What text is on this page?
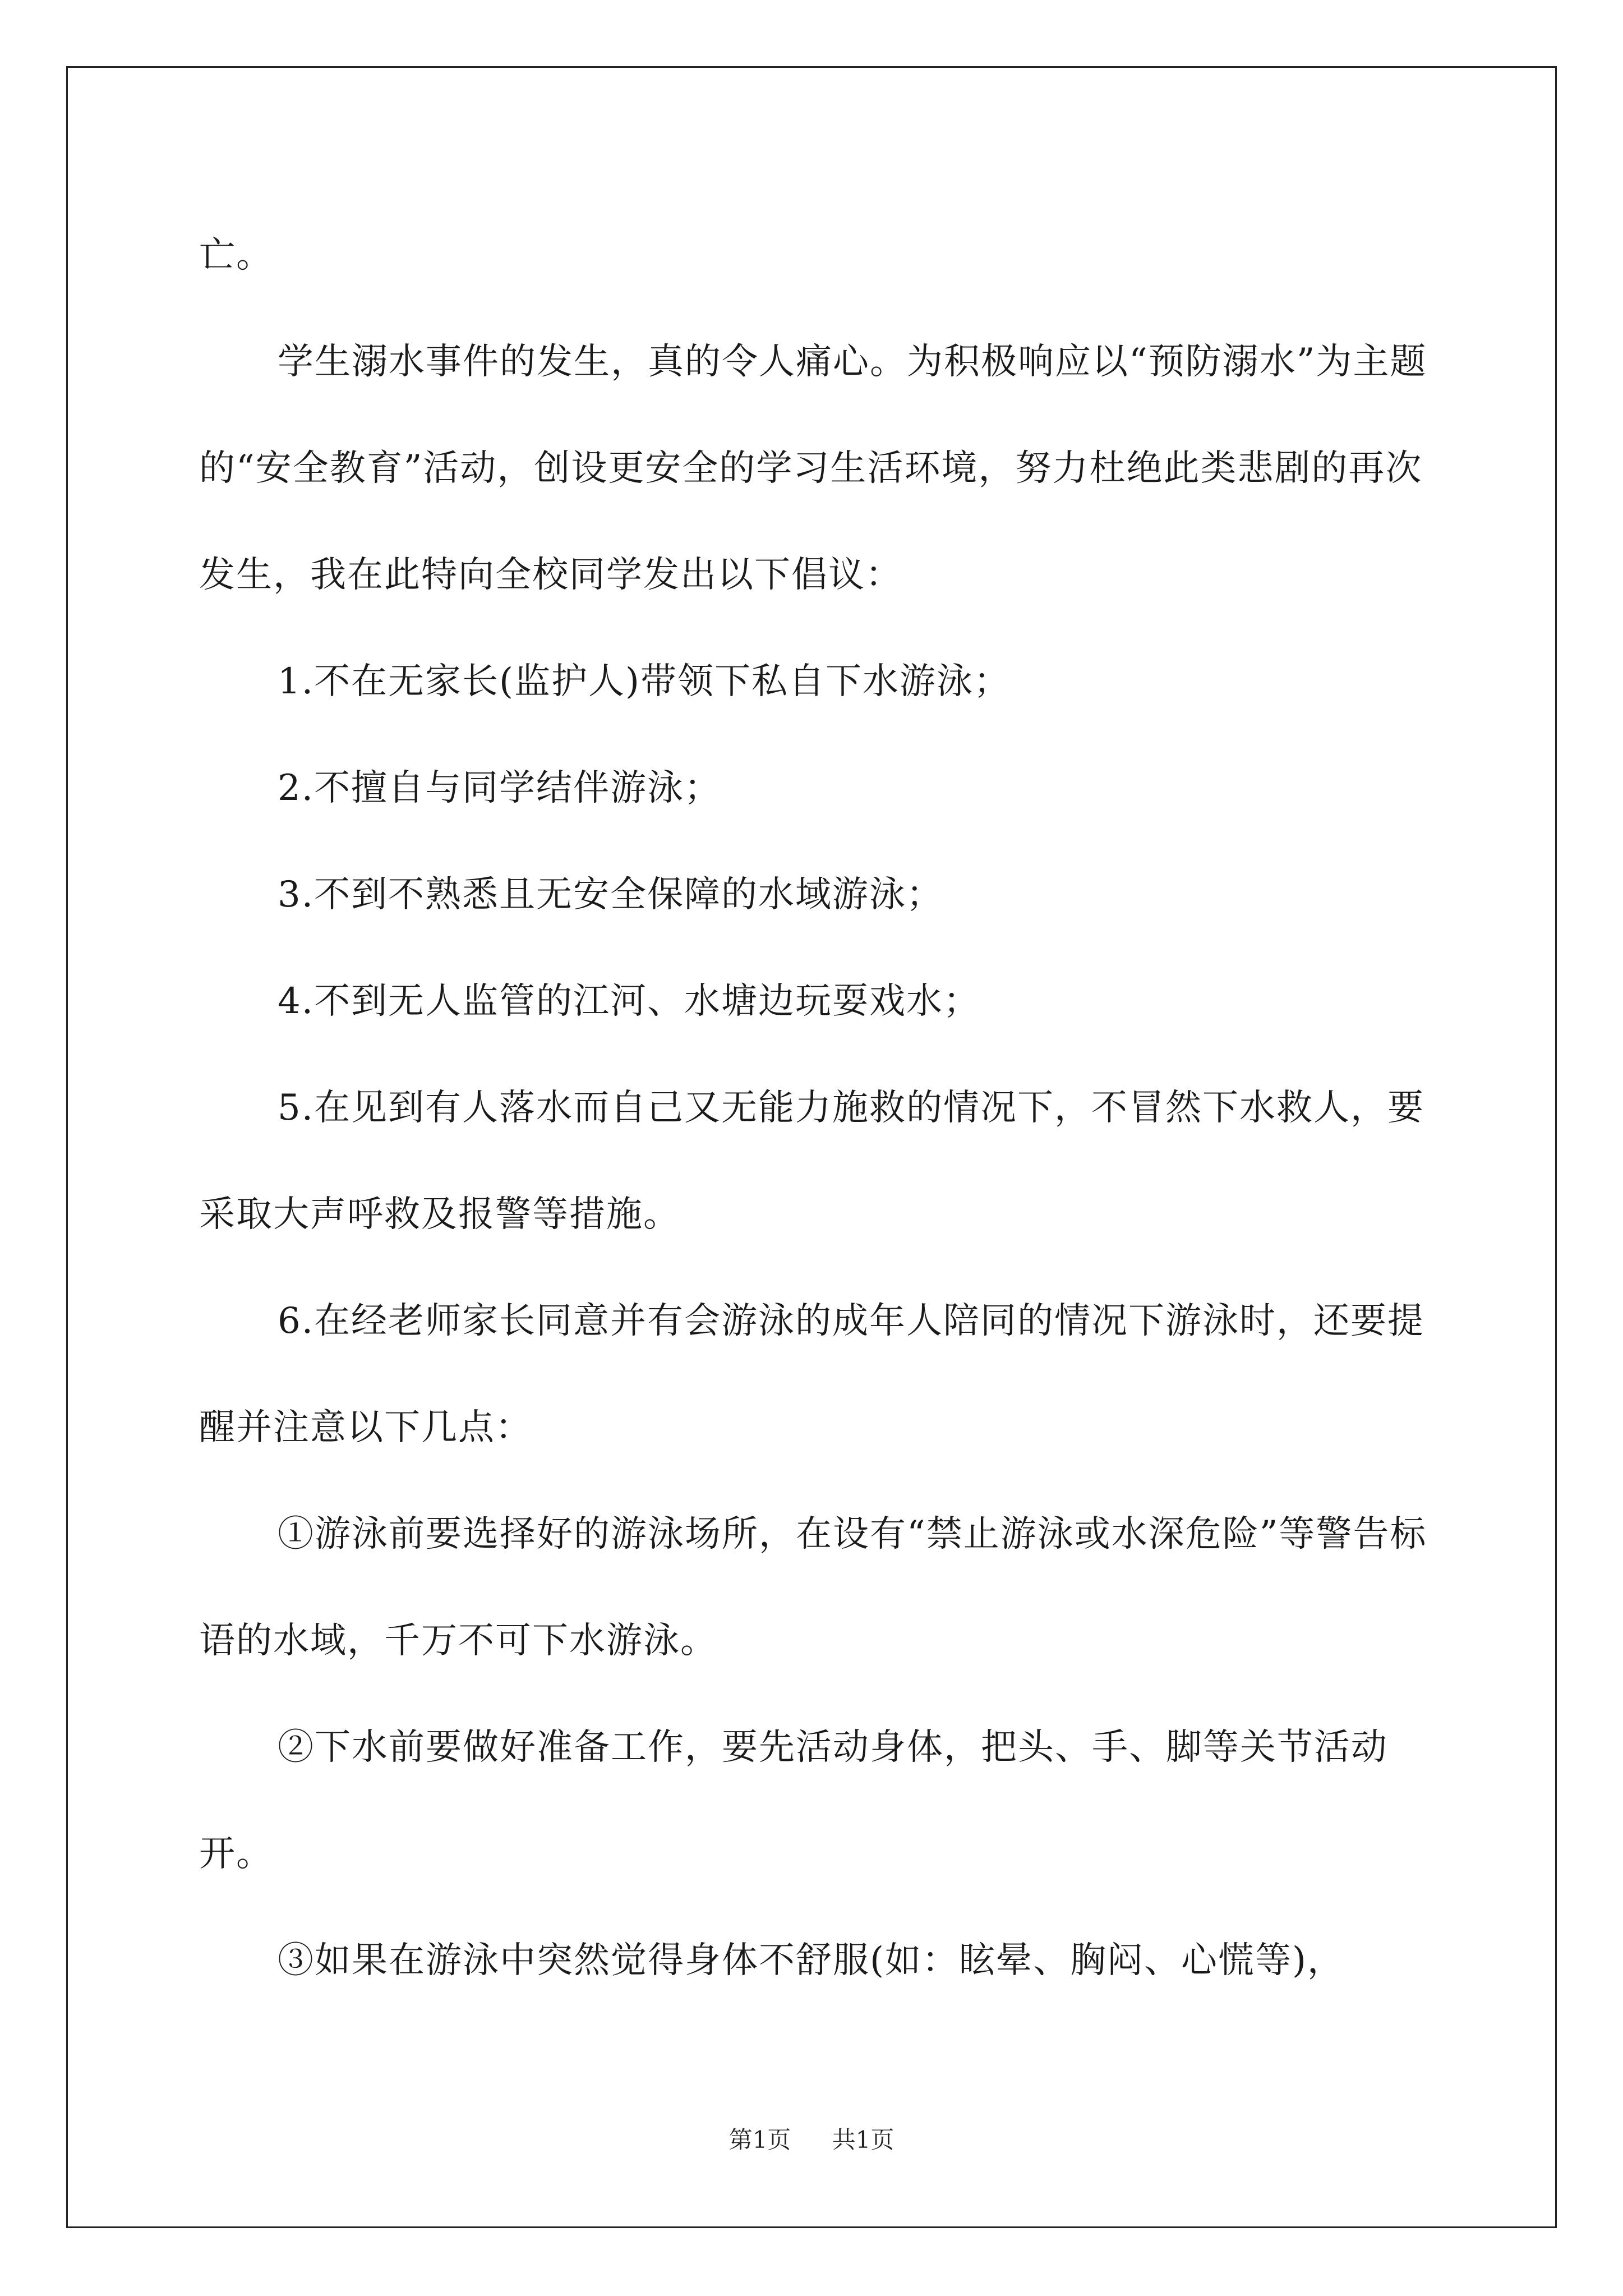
亡。

学生溺水事件的发生，真的令人痛心。为积极响应以“预防溺水”为主题的“安全教育”活动，创设更安全的学习生活环境，努力杜绝此类悲剧的再次发生，我在此特向全校同学发出以下倡议：

1.不在无家长(监护人)带领下私自下水游泳；

2.不擅自与同学结伴游泳；

3.不到不熟悉且无安全保障的水域游泳；

4.不到无人监管的江河、水塘边玩耍戏水；

5.在见到有人落水而自己又无能力施救的情况下，不冒然下水救人，要采取大声呼救及报警等措施。

6.在经老师家长同意并有会游泳的成年人陪同的情况下游泳时，还要提醒并注意以下几点：

①游泳前要选择好的游泳场所，在设有“禁止游泳或水深危险”等警告标语的水域，千万不可下水游泳。

②下水前要做好准备工作，要先活动身体，把头、手、脚等关节活动开。

③如果在游泳中突然觉得身体不舒服(如：眩晕、胸闷、心慌等)，

第1页 共1页
